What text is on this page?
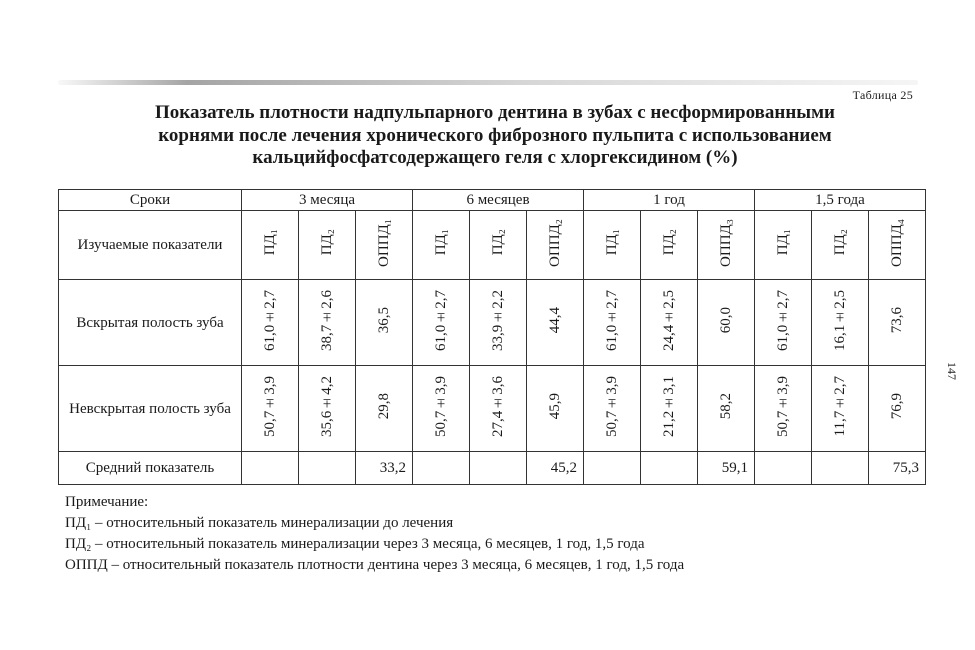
Таблица 25
Показатель плотности надпульпарного дентина в зубах с несформированными
корнями после лечения хронического фиброзного пульпита с использованием
кальцийфосфатсодержащего геля с хлоргексидином (%)
Сроки	3 месяца			6 месяцев			1 год			1,5 года		
Изучаемые показатели	ПД₁	ПД₂	ОППД₁	ПД₁	ПД₂	ОППД₂	ПД₁	ПД₂	ОППД₃	ПД₁	ПД₂	ОППД₄
Вскрытая полость зуба	61,0±2,7	38,7±2,6	36,5	61,0±2,7	33,9±2,2	44,4	61,0±2,7	24,4±2,5	60,0	61,0±2,7	16,1±2,5	73,6
Невскрытая полость зуба	50,7±3,9	35,6±4,2	29,8	50,7±3,9	27,4±3,6	45,9	50,7±3,9	21,2±3,1	58,2	50,7±3,9	11,7±2,7	76,9
Средний показатель			33,2			45,2			59,1			75,3
Примечание:
ПД₁ – относительный показатель минерализации до лечения
ПД₂ – относительный показатель минерализации через 3 месяца, 6 месяцев, 1 год, 1,5 года
ОППД – относительный показатель плотности дентина через 3 месяца, 6 месяцев, 1 год, 1,5 года
147
